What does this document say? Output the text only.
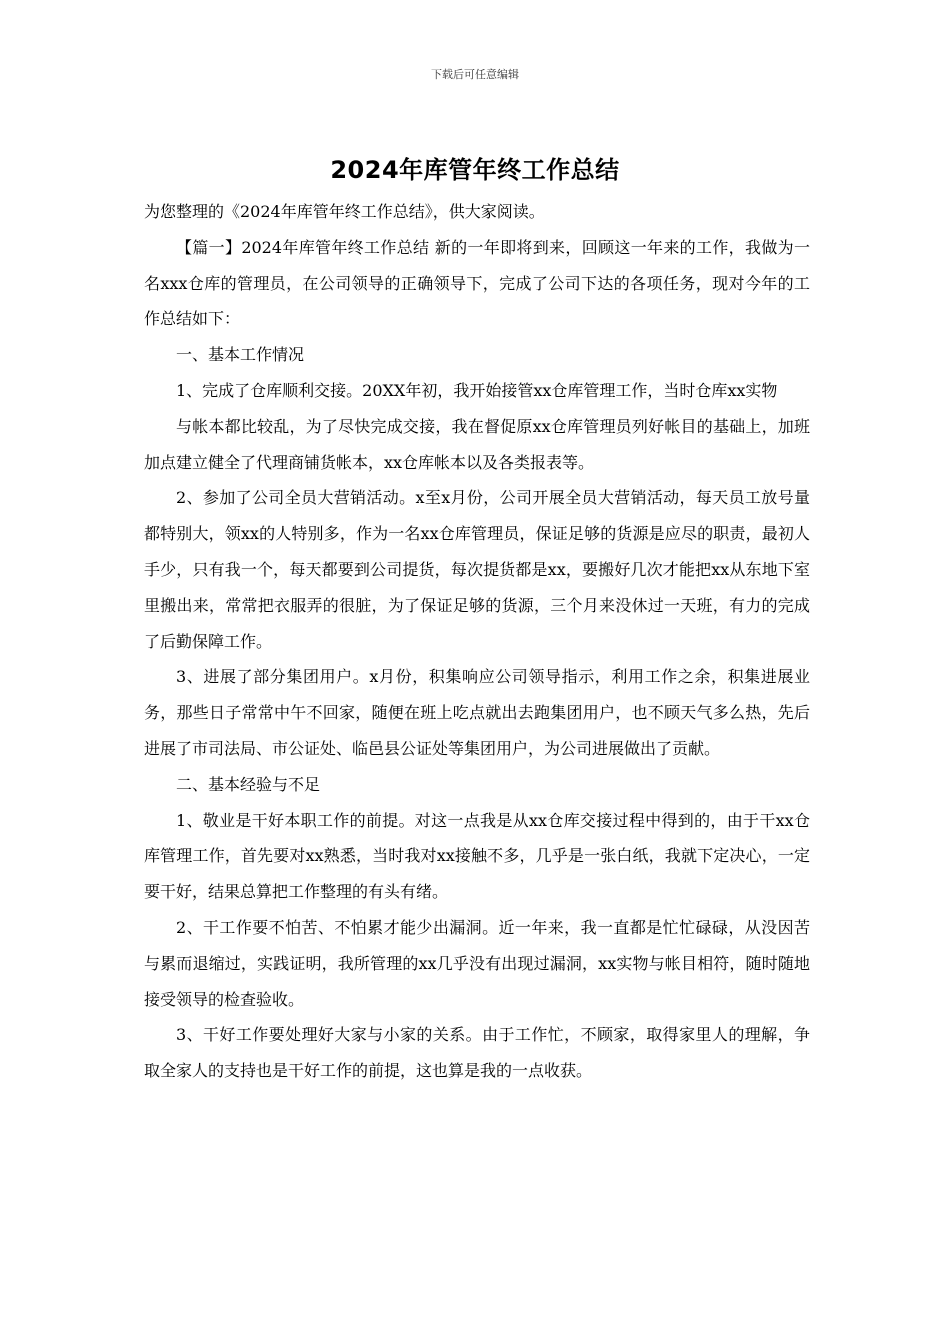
下载后可任意编辑
2024年库管年终工作总结

为您整理的《2024年库管年终工作总结》，供大家阅读。

【篇一】2024年库管年终工作总结 新的一年即将到来，回顾这一年来的工作，我做为一名xxx仓库的管理员，在公司领导的正确领导下，完成了公司下达的各项任务，现对今年的工作总结如下：

一、基本工作情况

1、完成了仓库顺利交接。20XX年初，我开始接管xx仓库管理工作，当时仓库xx实物

与帐本都比较乱，为了尽快完成交接，我在督促原xx仓库管理员列好帐目的基础上，加班加点建立健全了代理商铺货帐本，xx仓库帐本以及各类报表等。

2、参加了公司全员大营销活动。x至x月份，公司开展全员大营销活动，每天员工放号量都特别大，领xx的人特别多，作为一名xx仓库管理员，保证足够的货源是应尽的职责，最初人手少，只有我一个，每天都要到公司提货，每次提货都是xx，要搬好几次才能把xx从东地下室里搬出来，常常把衣服弄的很脏，为了保证足够的货源，三个月来没休过一天班，有力的完成了后勤保障工作。

3、进展了部分集团用户。x月份，积集响应公司领导指示，利用工作之余，积集进展业务，那些日子常常中午不回家，随便在班上吃点就出去跑集团用户，也不顾天气多么热，先后进展了市司法局、市公证处、临邑县公证处等集团用户，为公司进展做出了贡献。

二、基本经验与不足

1、敬业是干好本职工作的前提。对这一点我是从xx仓库交接过程中得到的，由于干xx仓库管理工作，首先要对xx熟悉，当时我对xx接触不多，几乎是一张白纸，我就下定决心，一定要干好，结果总算把工作整理的有头有绪。

2、干工作要不怕苦、不怕累才能少出漏洞。近一年来，我一直都是忙忙碌碌，从没因苦与累而退缩过，实践证明，我所管理的xx几乎没有出现过漏洞，xx实物与帐目相符，随时随地接受领导的检查验收。

3、干好工作要处理好大家与小家的关系。由于工作忙，不顾家，取得家里人的理解，争取全家人的支持也是干好工作的前提，这也算是我的一点收获。
